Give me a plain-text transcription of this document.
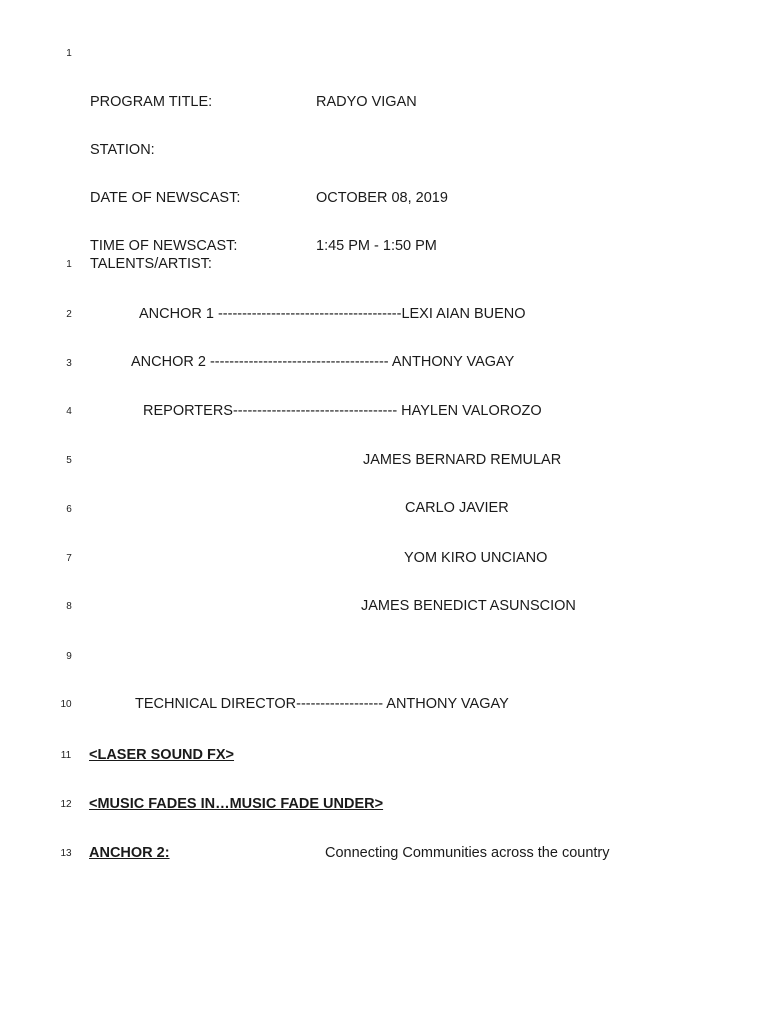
1
PROGRAM TITLE:	RADYO VIGAN
STATION:
DATE OF NEWSCAST:	OCTOBER 08, 2019
TIME OF NEWSCAST:	1:45 PM - 1:50 PM
1	TALENTS/ARTIST:
2	ANCHOR 1 --------------------------------------LEXI AIAN BUENO
3	ANCHOR 2 ------------------------------------- ANTHONY VAGAY
4	REPORTERS---------------------------------- HAYLEN VALOROZO
5	JAMES BERNARD REMULAR
6	CARLO JAVIER
7	YOM KIRO UNCIANO
8	JAMES BENEDICT ASUNSCION
9
10	TECHNICAL DIRECTOR------------------ ANTHONY VAGAY
11	<LASER SOUND FX>
12	<MUSIC FADES IN…MUSIC FADE UNDER>
13	ANCHOR 2:	Connecting Communities across the country
